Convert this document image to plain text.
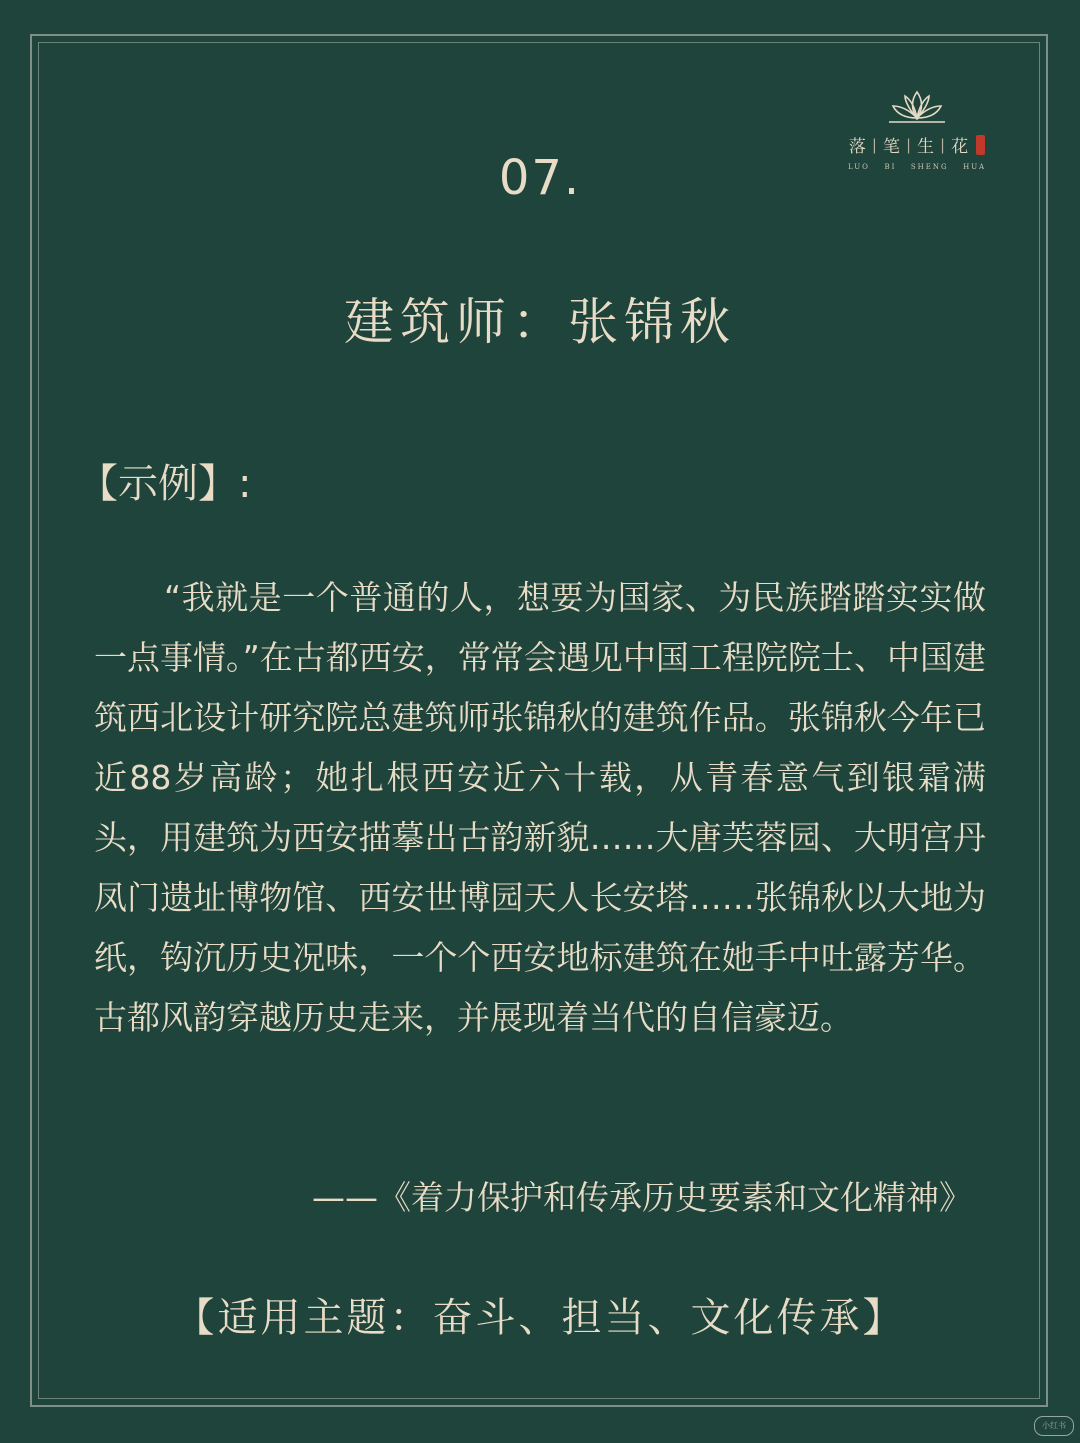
落 | 笔 | 生 | 花
LUO BI SHENG HUA
07.
建筑师：张锦秋
【示例】:
“我就是一个普通的人，想要为国家、为民族踏踏实实做一点事情。”在古都西安，常常会遇见中国工程院院士、中国建筑西北设计研究院总建筑师张锦秋的建筑作品。张锦秋今年已近88岁高龄；她扎根西安近六十载，从青春意气到银霜满头，用建筑为西安描摹出古韵新貌……大唐芙蓉园、大明宫丹凤门遗址博物馆、西安世博园天人长安塔……张锦秋以大地为纸，钩沉历史况味，一个个西安地标建筑在她手中吐露芳华。古都风韵穿越历史走来，并展现着当代的自信豪迈。
——《着力保护和传承历史要素和文化精神》
【适用主题：奋斗、担当、文化传承】
小红书
